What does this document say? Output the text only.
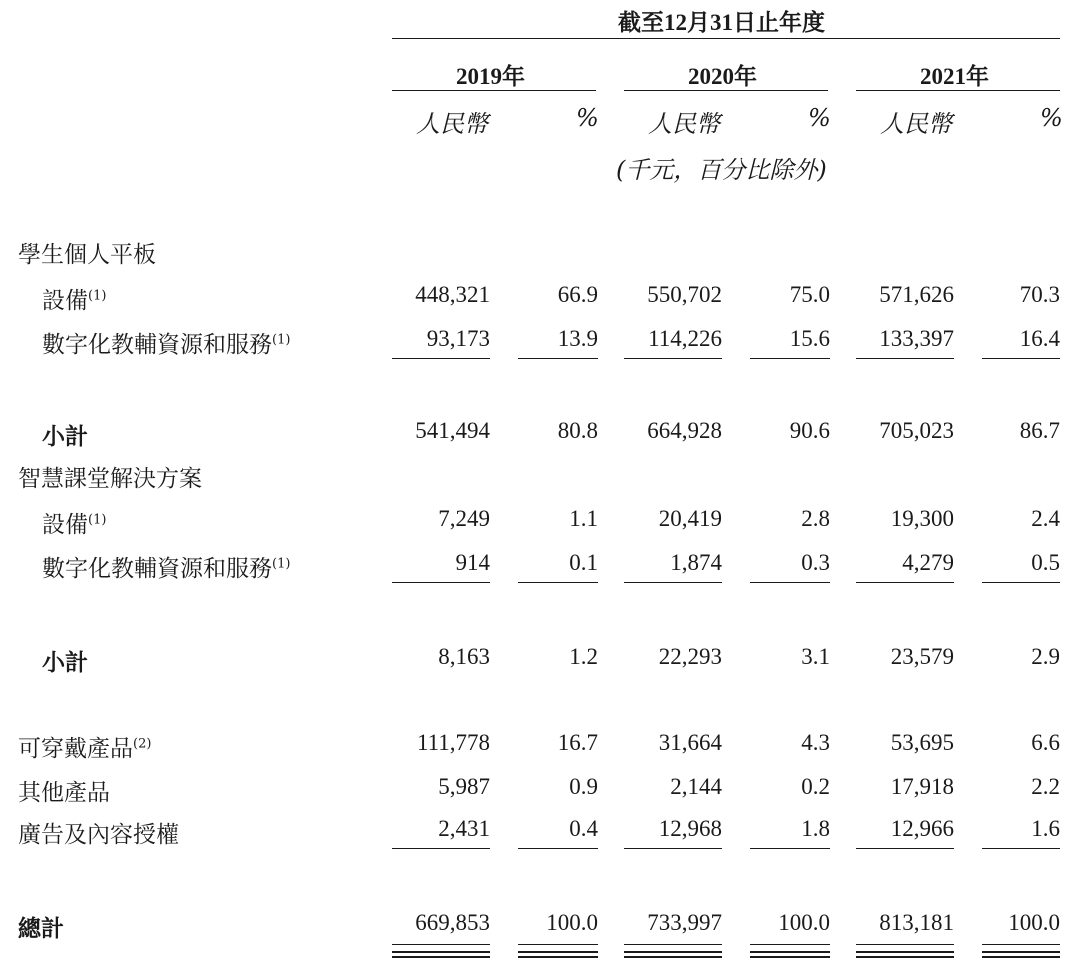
截至12月31日止年度
2019年	2020年	2021年
人民幣	% 人民幣	% 人民幣	%
(千元，百分比除外)
學生個人平板
設備$^{(1)}$	448,321	66.9	550,702	75.0	571,626	70.3
數字化教輔資源和服務$^{(1)}$	93,173	13.9	114,226	15.6	133,397	16.4
小計	541,494	80.8	664,928	90.6	705,023	86.7
智慧課堂解決方案
設備$^{(1)}$	7,249	1.1	20,419	2.8	19,300	2.4
數字化教輔資源和服務$^{(1)}$	914	0.1	1,874	0.3	4,279	0.5
小計	8,163	1.2	22,293	3.1	23,579	2.9
可穿戴產品$^{(2)}$	111,778	16.7	31,664	4.3	53,695	6.6
其他產品	5,987	0.9	2,144	0.2	17,918	2.2
廣告及內容授權	2,431	0.4	12,968	1.8	12,966	1.6
總計	669,853	100.0	733,997	100.0	813,181	100.0
